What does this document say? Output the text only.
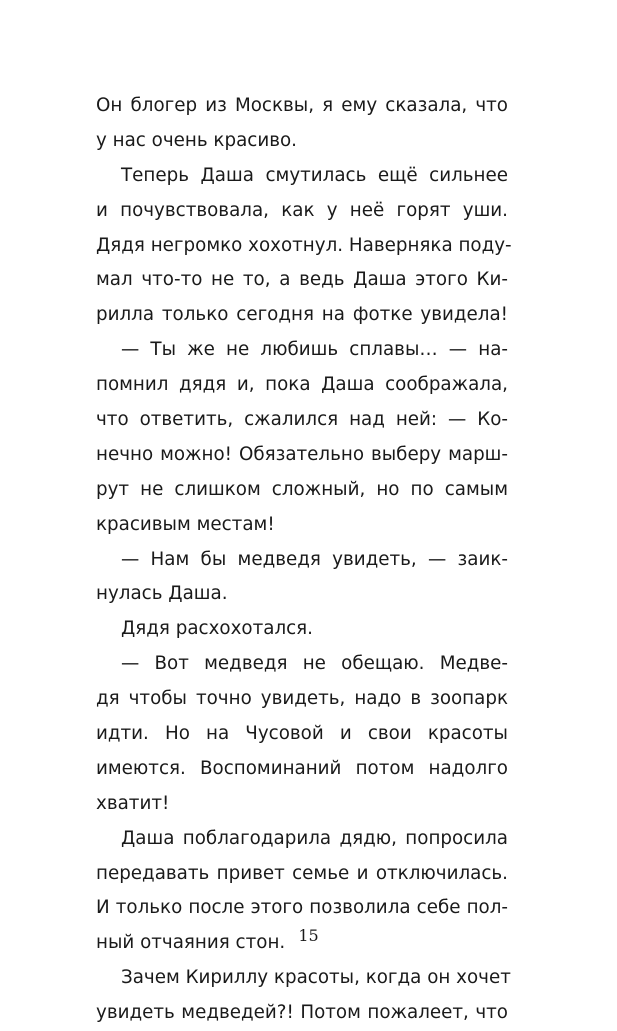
Он блогер из Москвы, я ему сказала, что
у нас очень красиво.
Теперь Даша смутилась ещё сильнее
и почувствовала, как у неё горят уши.
Дядя негромко хохотнул. Наверняка поду-
мал что-то не то, а ведь Даша этого Ки-
рилла только сегодня на фотке увидела!
— Ты же не любишь сплавы… — на-
помнил дядя и, пока Даша соображала,
что ответить, сжалился над ней: — Ко-
нечно можно! Обязательно выберу марш-
рут не слишком сложный, но по самым
красивым местам!
— Нам бы медведя увидеть, — заик-
нулась Даша.
Дядя расхохотался.
— Вот медведя не обещаю. Медве-
дя чтобы точно увидеть, надо в зоопарк
идти. Но на Чусовой и свои красоты
имеются. Воспоминаний потом надолго
хватит!
Даша поблагодарила дядю, попросила
передавать привет семье и отключилась.
И только после этого позволила себе пол-
ный отчаяния стон.
Зачем Кириллу красоты, когда он хочет
увидеть медведей?! Потом пожалеет, что
15
